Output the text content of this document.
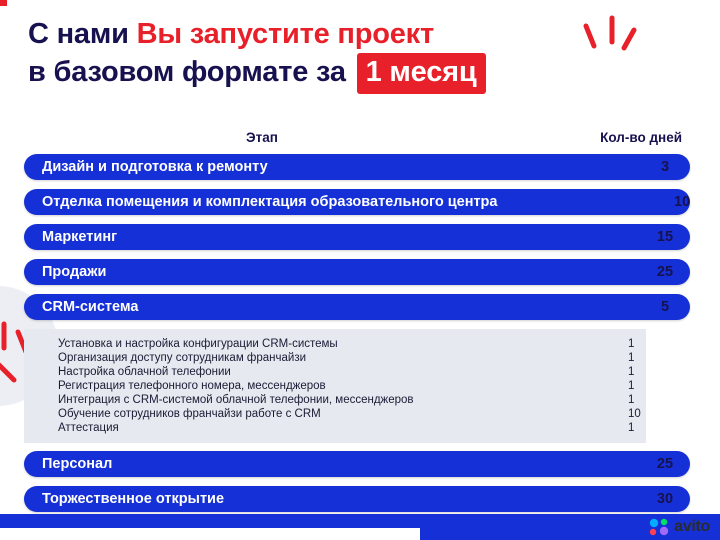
С нами Вы запустите проект
в базовом формате за 1 месяц
Этап	Кол-во дней
Дизайн и подготовка к ремонту	3
Отделка помещения и комплектация образовательного центра	10
Маркетинг	15
Продажи	25
CRM-система	5
Установка и настройка конфигурации CRM-системы	1
Организация доступу сотрудникам франчайзи	1
Настройка облачной телефонии	1
Регистрация телефонного номера, мессенджеров	1
Интеграция с CRM-системой облачной телефонии, мессенджеров	1
Обучение сотрудников франчайзи работе с CRM	10
Аттестация	1
Персонал	25
Торжественное открытие	30
avito
